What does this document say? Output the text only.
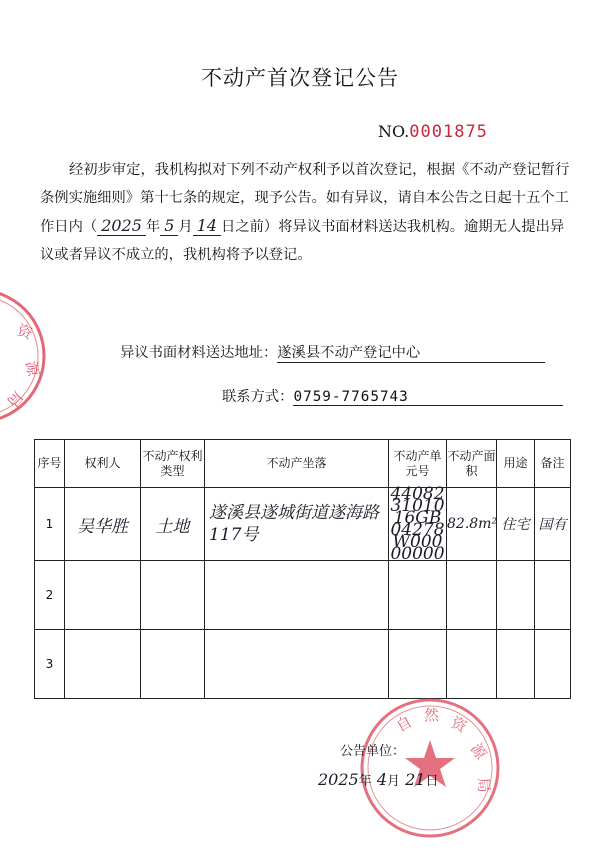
不动产首次登记公告
NO.0001875
经初步审定，我机构拟对下列不动产权利予以首次登记，根据《不动产登记暂行条例实施细则》第十七条的规定，现予公告。如有异议，请自本公告之日起十五个工作日内（ 2025 年 5 月 14 日之前）将异议书面材料送达我机构。逾期无人提出异议或者异议不成立的，我机构将予以登记。
异议书面材料送达地址：遂溪县不动产登记中心
联系方式：0759-7765743
序号	权利人	不动产权利类型	不动产坐落	不动产单元号	不动产面　积	用途	备注
1	吴华胜	土地	遂溪县遂城街道遂海路117号	440823101016GB04278W00000000	82.8m²	住宅	国有
2							
3							
资
源
局
自 然 资
源
局
公告单位：
2025年 4月 21日
